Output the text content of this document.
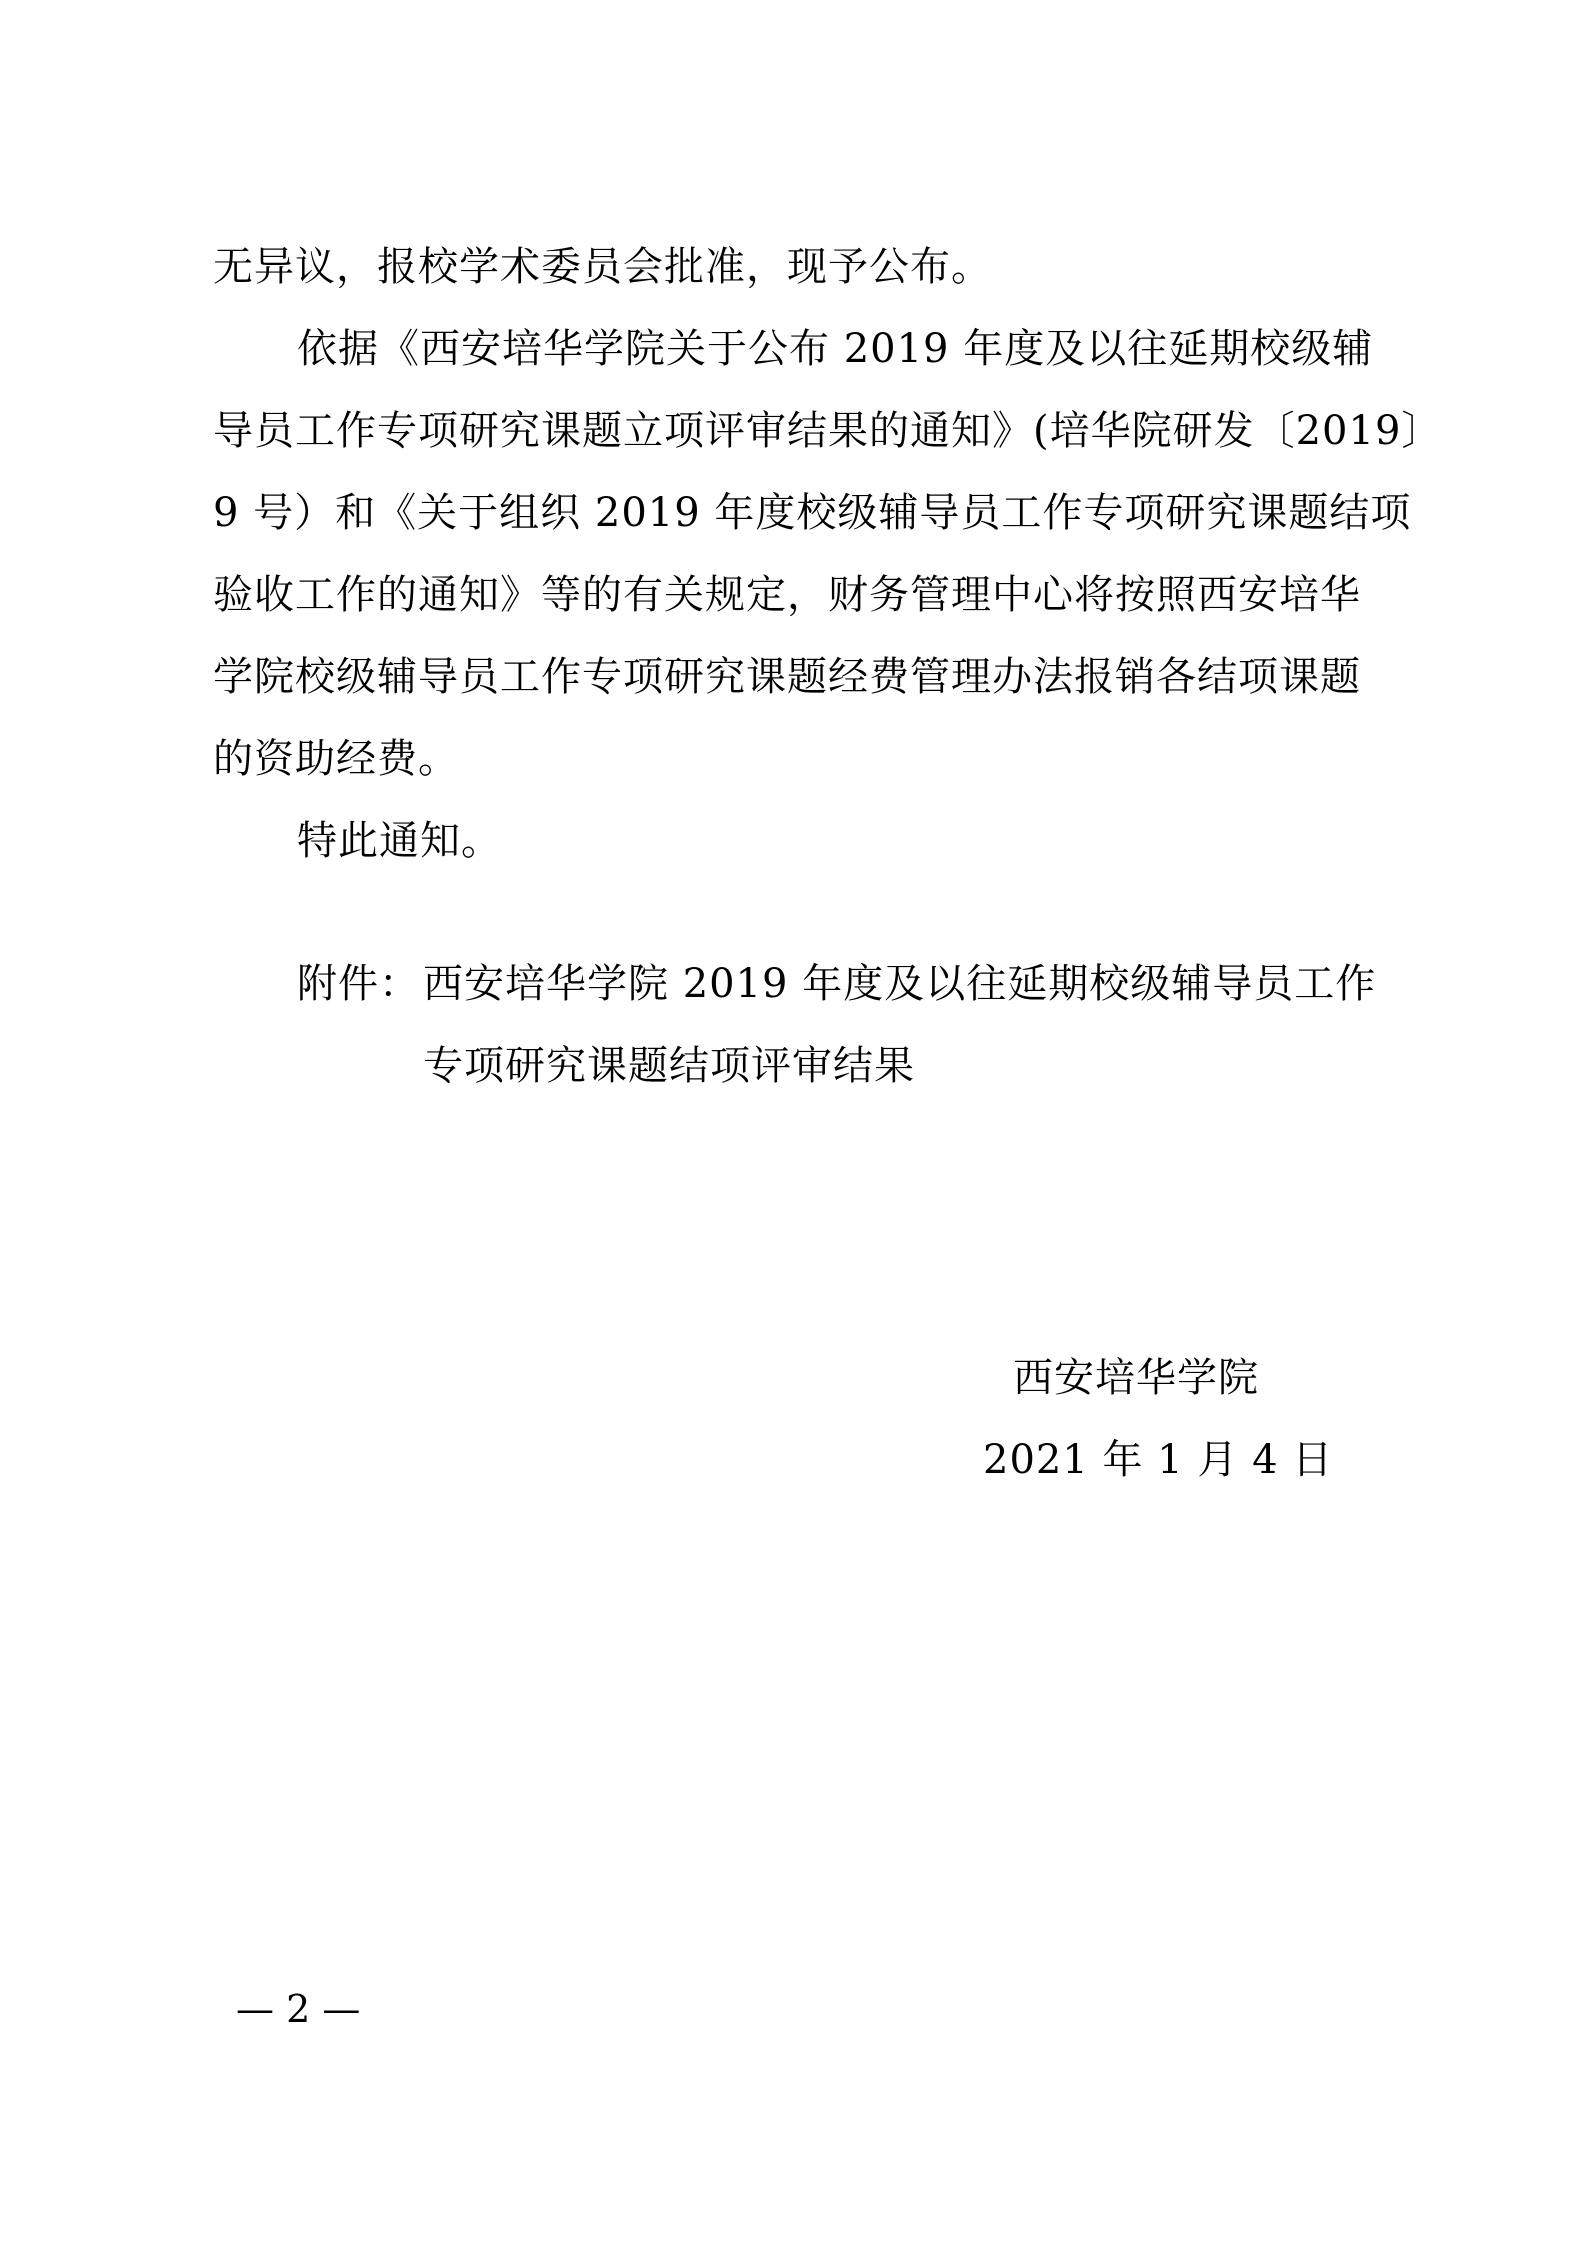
无异议，报校学术委员会批准，现予公布。
依据《西安培华学院关于公布 2019 年度及以往延期校级辅
导员工作专项研究课题立项评审结果的通知》(培华院研发〔2019〕
9 号）和《关于组织 2019 年度校级辅导员工作专项研究课题结项
验收工作的通知》等的有关规定，财务管理中心将按照西安培华
学院校级辅导员工作专项研究课题经费管理办法报销各结项课题
的资助经费。
特此通知。
附件： 西安培华学院 2019 年度及以往延期校级辅导员工作
专项研究课题结项评审结果
西安培华学院
2021 年 1 月 4 日
— 2 —
